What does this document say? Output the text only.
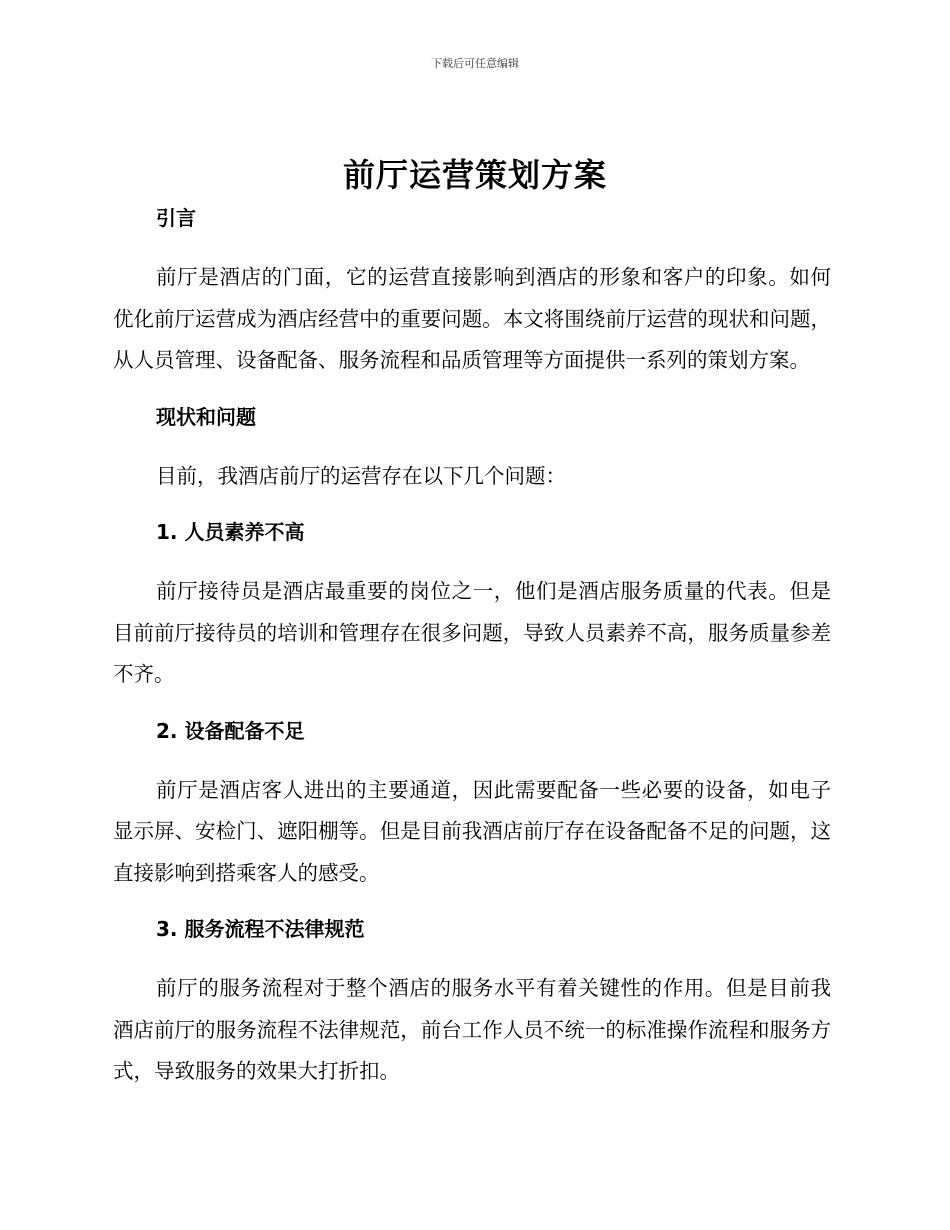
下载后可任意编辑
前厅运营策划方案
引言

前厅是酒店的门面，它的运营直接影响到酒店的形象和客户的印象。如何优化前厅运营成为酒店经营中的重要问题。本文将围绕前厅运营的现状和问题，从人员管理、设备配备、服务流程和品质管理等方面提供一系列的策划方案。

现状和问题

目前，我酒店前厅的运营存在以下几个问题：

1. 人员素养不高

前厅接待员是酒店最重要的岗位之一，他们是酒店服务质量的代表。但是目前前厅接待员的培训和管理存在很多问题，导致人员素养不高，服务质量参差不齐。

2. 设备配备不足

前厅是酒店客人进出的主要通道，因此需要配备一些必要的设备，如电子显示屏、安检门、遮阳棚等。但是目前我酒店前厅存在设备配备不足的问题，这直接影响到搭乘客人的感受。

3. 服务流程不法律规范

前厅的服务流程对于整个酒店的服务水平有着关键性的作用。但是目前我酒店前厅的服务流程不法律规范，前台工作人员不统一的标准操作流程和服务方式，导致服务的效果大打折扣。
